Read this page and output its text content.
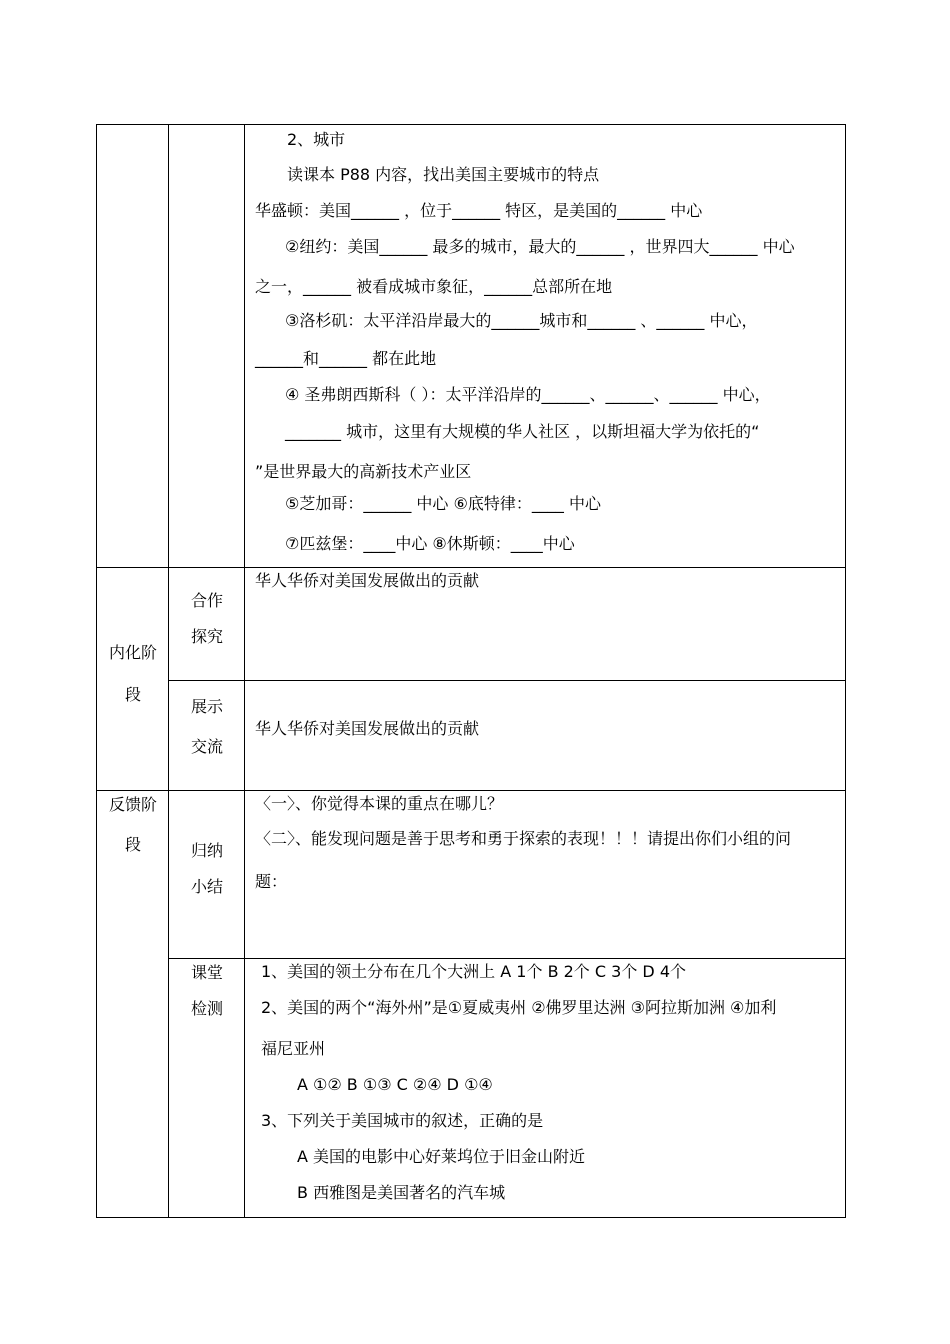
2、城市
读课本 P88 内容，找出美国主要城市的特点
华盛顿：美国______ ，位于______ 特区，是美国的______ 中心
②纽约：美国______ 最多的城市，最大的______ ，世界四大______ 中心
之一，______ 被看成城市象征，______总部所在地
③洛杉矶：太平洋沿岸最大的______城市和______ 、______ 中心，
______和______ 都在此地
④ 圣弗朗西斯科（ ）：太平洋沿岸的______、______、______ 中心，
_______ 城市，这里有大规模的华人社区 ，以斯坦福大学为依托的“
”是世界最大的高新技术产业区
⑤芝加哥：______ 中心 ⑥底特律：____ 中心
⑦匹兹堡：____中心 ⑧休斯顿：____中心
内化阶
段
合作
探究
华人华侨对美国发展做出的贡献
展示
交流
华人华侨对美国发展做出的贡献
反馈阶
段	归纳
小结
〈一〉、你觉得本课的重点在哪儿？
〈二〉、能发现问题是善于思考和勇于探索的表现！！！请提出你们小组的问
题：
课堂
检测
1、美国的领土分布在几个大洲上 A 1个 B 2个 C 3个 D 4个
2、美国的两个“海外州”是①夏威夷州 ②佛罗里达洲 ③阿拉斯加洲 ④加利
福尼亚州
A ①② B ①③ C ②④ D ①④
3、下列关于美国城市的叙述，正确的是
A 美国的电影中心好莱坞位于旧金山附近
B 西雅图是美国著名的汽车城
